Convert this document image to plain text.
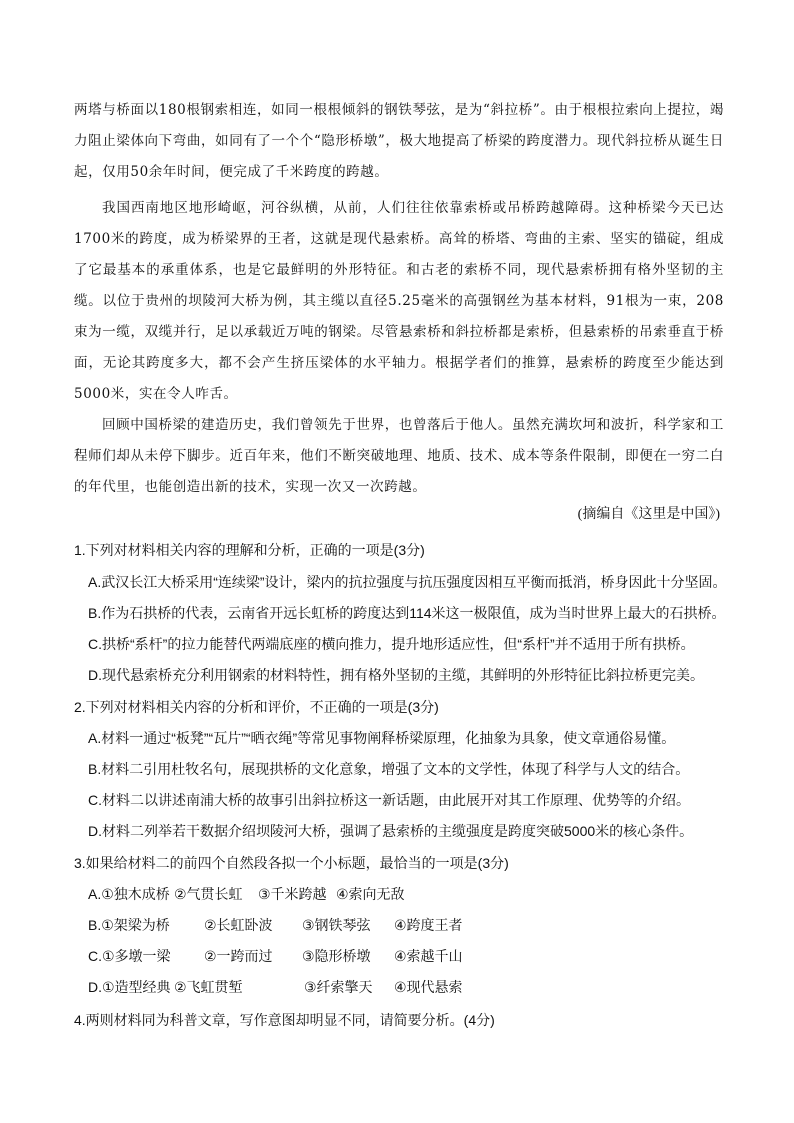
两塔与桥面以180根钢索相连，如同一根根倾斜的钢铁琴弦，是为“斜拉桥”。由于根根拉索向上提拉，竭力阻止梁体向下弯曲，如同有了一个个“隐形桥墩”，极大地提高了桥梁的跨度潜力。现代斜拉桥从诞生日起，仅用50余年时间，便完成了千米跨度的跨越。
我国西南地区地形崎岖，河谷纵横，从前，人们往往依靠索桥或吊桥跨越障碍。这种桥梁今天已达1700米的跨度，成为桥梁界的王者，这就是现代悬索桥。高耸的桥塔、弯曲的主索、坚实的锚碇，组成了它最基本的承重体系，也是它最鲜明的外形特征。和古老的索桥不同，现代悬索桥拥有格外坚韧的主缆。以位于贵州的坝陵河大桥为例，其主缆以直径5.25毫米的高强钢丝为基本材料，91根为一束，208束为一缆，双缆并行，足以承载近万吨的钢梁。尽管悬索桥和斜拉桥都是索桥，但悬索桥的吊索垂直于桥面，无论其跨度多大，都不会产生挤压梁体的水平轴力。根据学者们的推算，悬索桥的跨度至少能达到5000米，实在令人咋舌。
回顾中国桥梁的建造历史，我们曾领先于世界，也曾落后于他人。虽然充满坎坷和波折，科学家和工程师们却从未停下脚步。近百年来，他们不断突破地理、地质、技术、成本等条件限制，即便在一穷二白的年代里，也能创造出新的技术，实现一次又一次跨越。
(摘编自《这里是中国》)
1.下列对材料相关内容的理解和分析，正确的一项是(3分)
A.武汉长江大桥采用“连续梁”设计，梁内的抗拉强度与抗压强度因相互平衡而抵消，桥身因此十分坚固。
B.作为石拱桥的代表，云南省开远长虹桥的跨度达到114米这一极限值，成为当时世界上最大的石拱桥。
C.拱桥“系杆”的拉力能替代两端底座的横向推力，提升地形适应性，但“系杆”并不适用于所有拱桥。
D.现代悬索桥充分利用钢索的材料特性，拥有格外坚韧的主缆，其鲜明的外形特征比斜拉桥更完美。
2.下列对材料相关内容的分析和评价，不正确的一项是(3分)
A.材料一通过“板凳”“瓦片”“晒衣绳”等常见事物阐释桥梁原理，化抽象为具象，使文章通俗易懂。
B.材料二引用杜牧名句，展现拱桥的文化意象，增强了文本的文学性，体现了科学与人文的结合。
C.材料二以讲述南浦大桥的故事引出斜拉桥这一新话题，由此展开对其工作原理、优势等的介绍。
D.材料二列举若干数据介绍坝陵河大桥，强调了悬索桥的主缆强度是跨度突破5000米的核心条件。
3.如果给材料二的前四个自然段各拟一个小标题，最恰当的一项是(3分)
A.①独木成桥 ②气贯长虹 ③千米跨越 ④索向无敌
B.①架梁为桥 ②长虹卧波 ③钢铁琴弦 ④跨度王者
C.①多墩一梁 ②一跨而过 ③隐形桥墩 ④索越千山
D.①造型经典 ②飞虹贯堑	③纤索擎天 ④现代悬索
4.两则材料同为科普文章，写作意图却明显不同，请简要分析。(4分)
